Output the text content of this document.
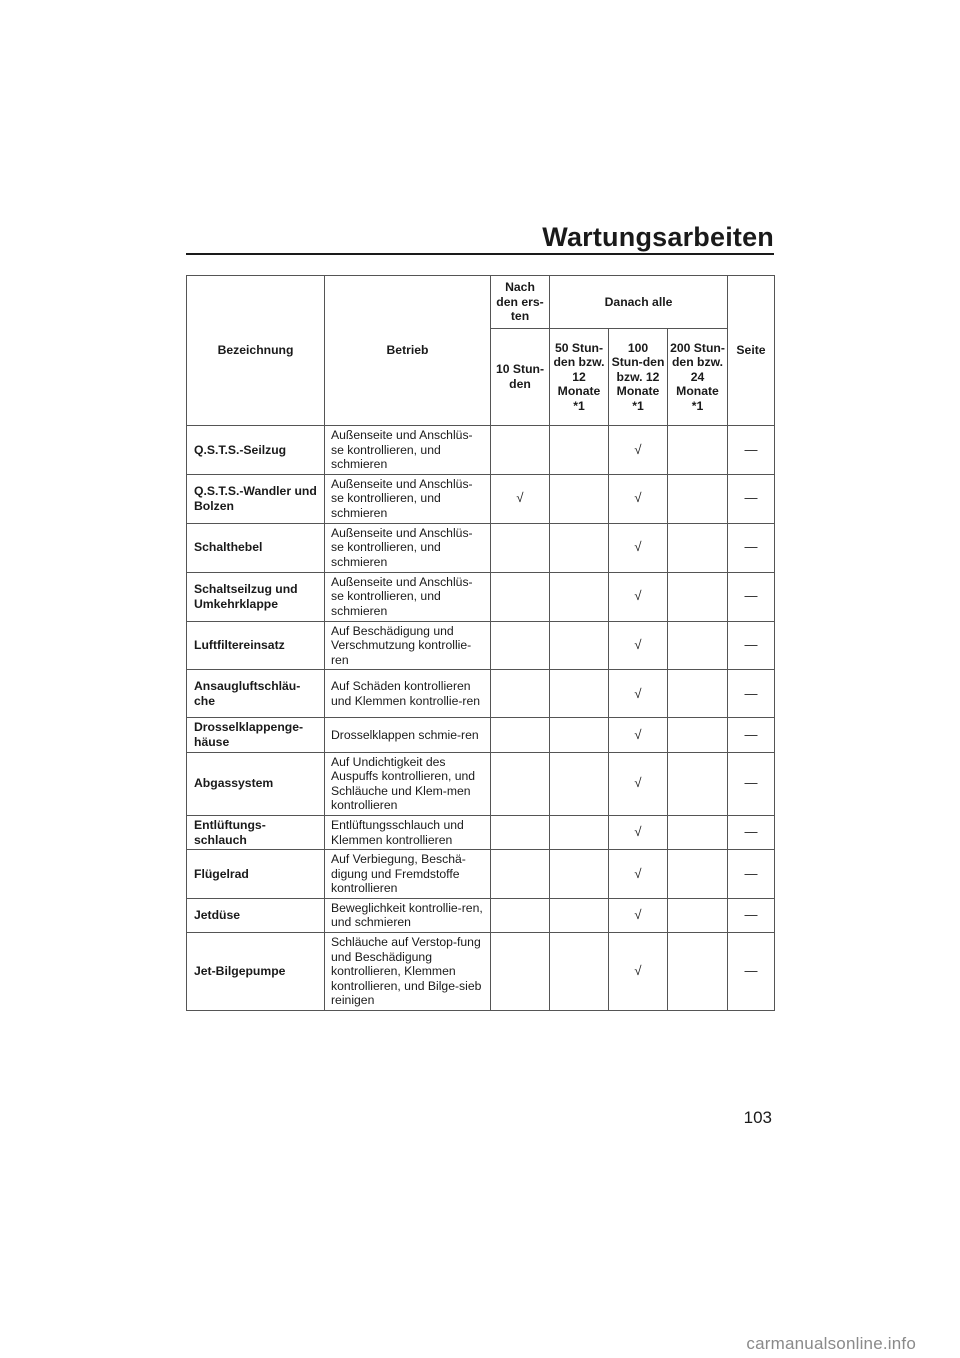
Wartungsarbeiten
Bezeichnung	Betrieb	Nach den ers-ten	Danach alle			Seite
		10 Stun-den	50 Stun-den bzw. 12 Monate *1	100 Stun-den bzw. 12 Monate *1	200 Stun-den bzw. 24 Monate *1	
Q.S.T.S.-Seilzug	Außenseite und Anschlüs-se kontrollieren, und schmieren			√		—
Q.S.T.S.-Wandler und Bolzen	Außenseite und Anschlüs-se kontrollieren, und schmieren	√		√		—
Schalthebel	Außenseite und Anschlüs-se kontrollieren, und schmieren			√		—
Schaltseilzug und Umkehrklappe	Außenseite und Anschlüs-se kontrollieren, und schmieren			√		—
Luftfiltereinsatz	Auf Beschädigung und Verschmutzung kontrollie-ren			√		—
Ansaugluftschläu-che	Auf Schäden kontrollieren und Klemmen kontrollie-ren			√		—
Drosselklappenge-häuse	Drosselklappen schmie-ren			√		—
Abgassystem	Auf Undichtigkeit des Auspuffs kontrollieren, und Schläuche und Klem-men kontrollieren			√		—
Entlüftungs-schlauch	Entlüftungsschlauch und Klemmen kontrollieren			√		—
Flügelrad	Auf Verbiegung, Beschä-digung und Fremdstoffe kontrollieren			√		—
Jetdüse	Beweglichkeit kontrollie-ren, und schmieren			√		—
Jet-Bilgepumpe	Schläuche auf Verstop-fung und Beschädigung kontrollieren, Klemmen kontrollieren, und Bilge-sieb reinigen			√		—
103
carmanualsonline.info
